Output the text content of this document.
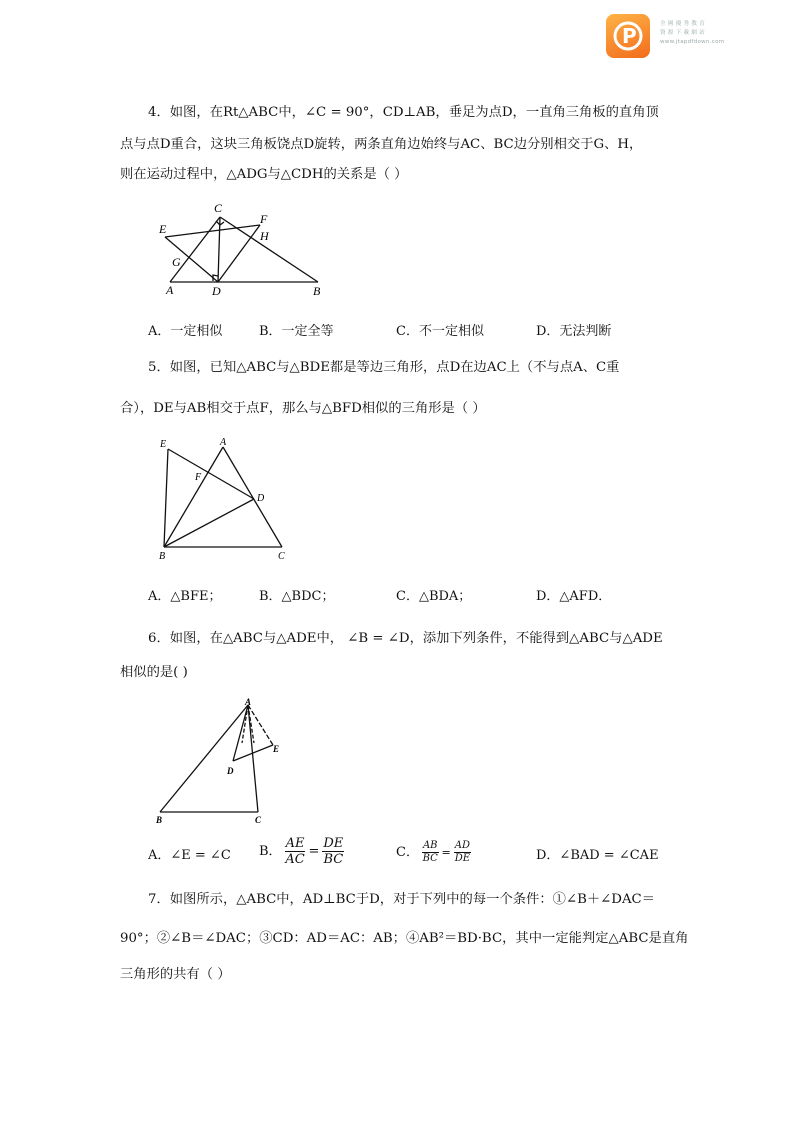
P	全 國 優 秀 教 育
資 源 下 載 網 站
www.jtapdfdown.com
4．如图，在Rt△ABC中，∠C = 90°，CD⊥AB，垂足为点D，一直角三角板的直角顶
点与点D重合，这块三角板饶点D旋转，两条直角边始终与AC、BC边分别相交于G、H，
则在运动过程中，△ADG与△CDH的关系是（ ）
C
F
E	H
G
A	D	B
A．一定相似	B．一定全等	C．不一定相似	D．无法判断
5．如图，已知△ABC与△BDE都是等边三角形，点D在边AC上（不与点A、C重
合），DE与AB相交于点F，那么与△BFD相似的三角形是（ ）
E	A
F
D
B	C
A．△BFE；	B．△BDC；	C．△BDA；	D．△AFD．
6．如图，在△ABC与△ADE中， ∠B = ∠D，添加下列条件，不能得到△ABC与△ADE
相似的是( )
A
E
D
B	C
A．∠E = ∠C B． $\frac{AE}{AC} = \frac{DE}{BC}$	C． $\frac{AB}{BC} = \frac{AD}{DE}$	D．∠BAD = ∠CAE
7．如图所示，△ABC中，AD⊥BC于D，对于下列中的每一个条件：①∠B＋∠DAC＝
90°；②∠B＝∠DAC；③CD：AD＝AC：AB；④AB²＝BD·BC，其中一定能判定△ABC是直角
三角形的共有（ ）
